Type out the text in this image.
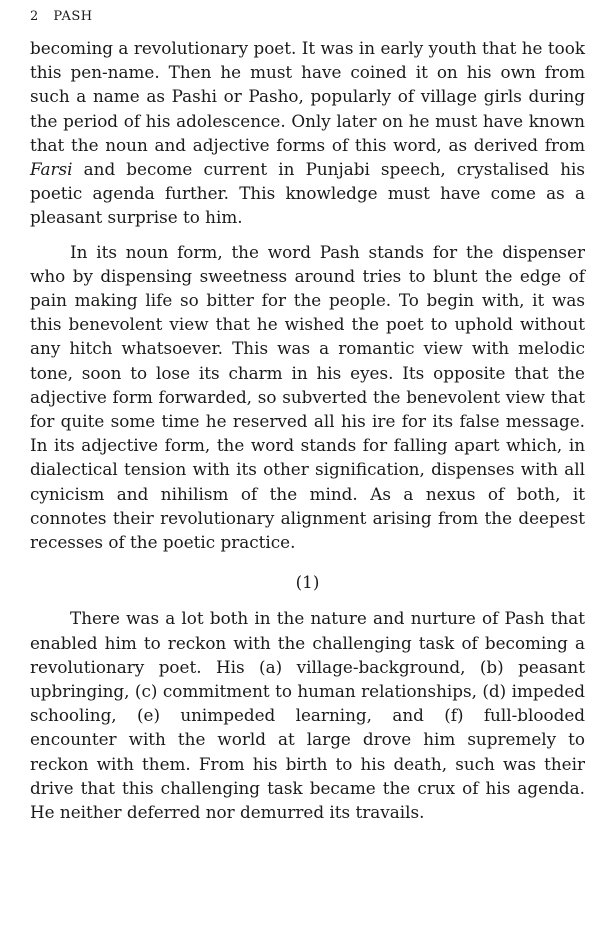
2 PASH

becoming a revolutionary poet. It was in early youth that he took this pen-name. Then he must have coined it on his own from such a name as Pashi or Pasho, popularly of village girls during the period of his adolescence. Only later on he must have known that the noun and adjective forms of this word, as derived from Farsi and become current in Punjabi speech, crystalised his poetic agenda further. This knowledge must have come as a pleasant surprise to him.

In its noun form, the word Pash stands for the dispenser who by dispensing sweetness around tries to blunt the edge of pain making life so bitter for the people. To begin with, it was this benevolent view that he wished the poet to uphold without any hitch whatsoever. This was a romantic view with melodic tone, soon to lose its charm in his eyes. Its opposite that the adjective form forwarded, so subverted the benevolent view that for quite some time he reserved all his ire for its false message. In its adjective form, the word stands for falling apart which, in dialectical tension with its other signification, dispenses with all cynicism and nihilism of the mind. As a nexus of both, it connotes their revolutionary alignment arising from the deepest recesses of the poetic practice.

(1)

There was a lot both in the nature and nurture of Pash that enabled him to reckon with the challenging task of becoming a revolutionary poet. His (a) village-background, (b) peasant upbringing, (c) commitment to human relationships, (d) impeded schooling, (e) unimpeded learning, and (f) full-blooded encounter with the world at large drove him supremely to reckon with them. From his birth to his death, such was their drive that this challenging task became the crux of his agenda. He neither deferred nor demurred its travails.
